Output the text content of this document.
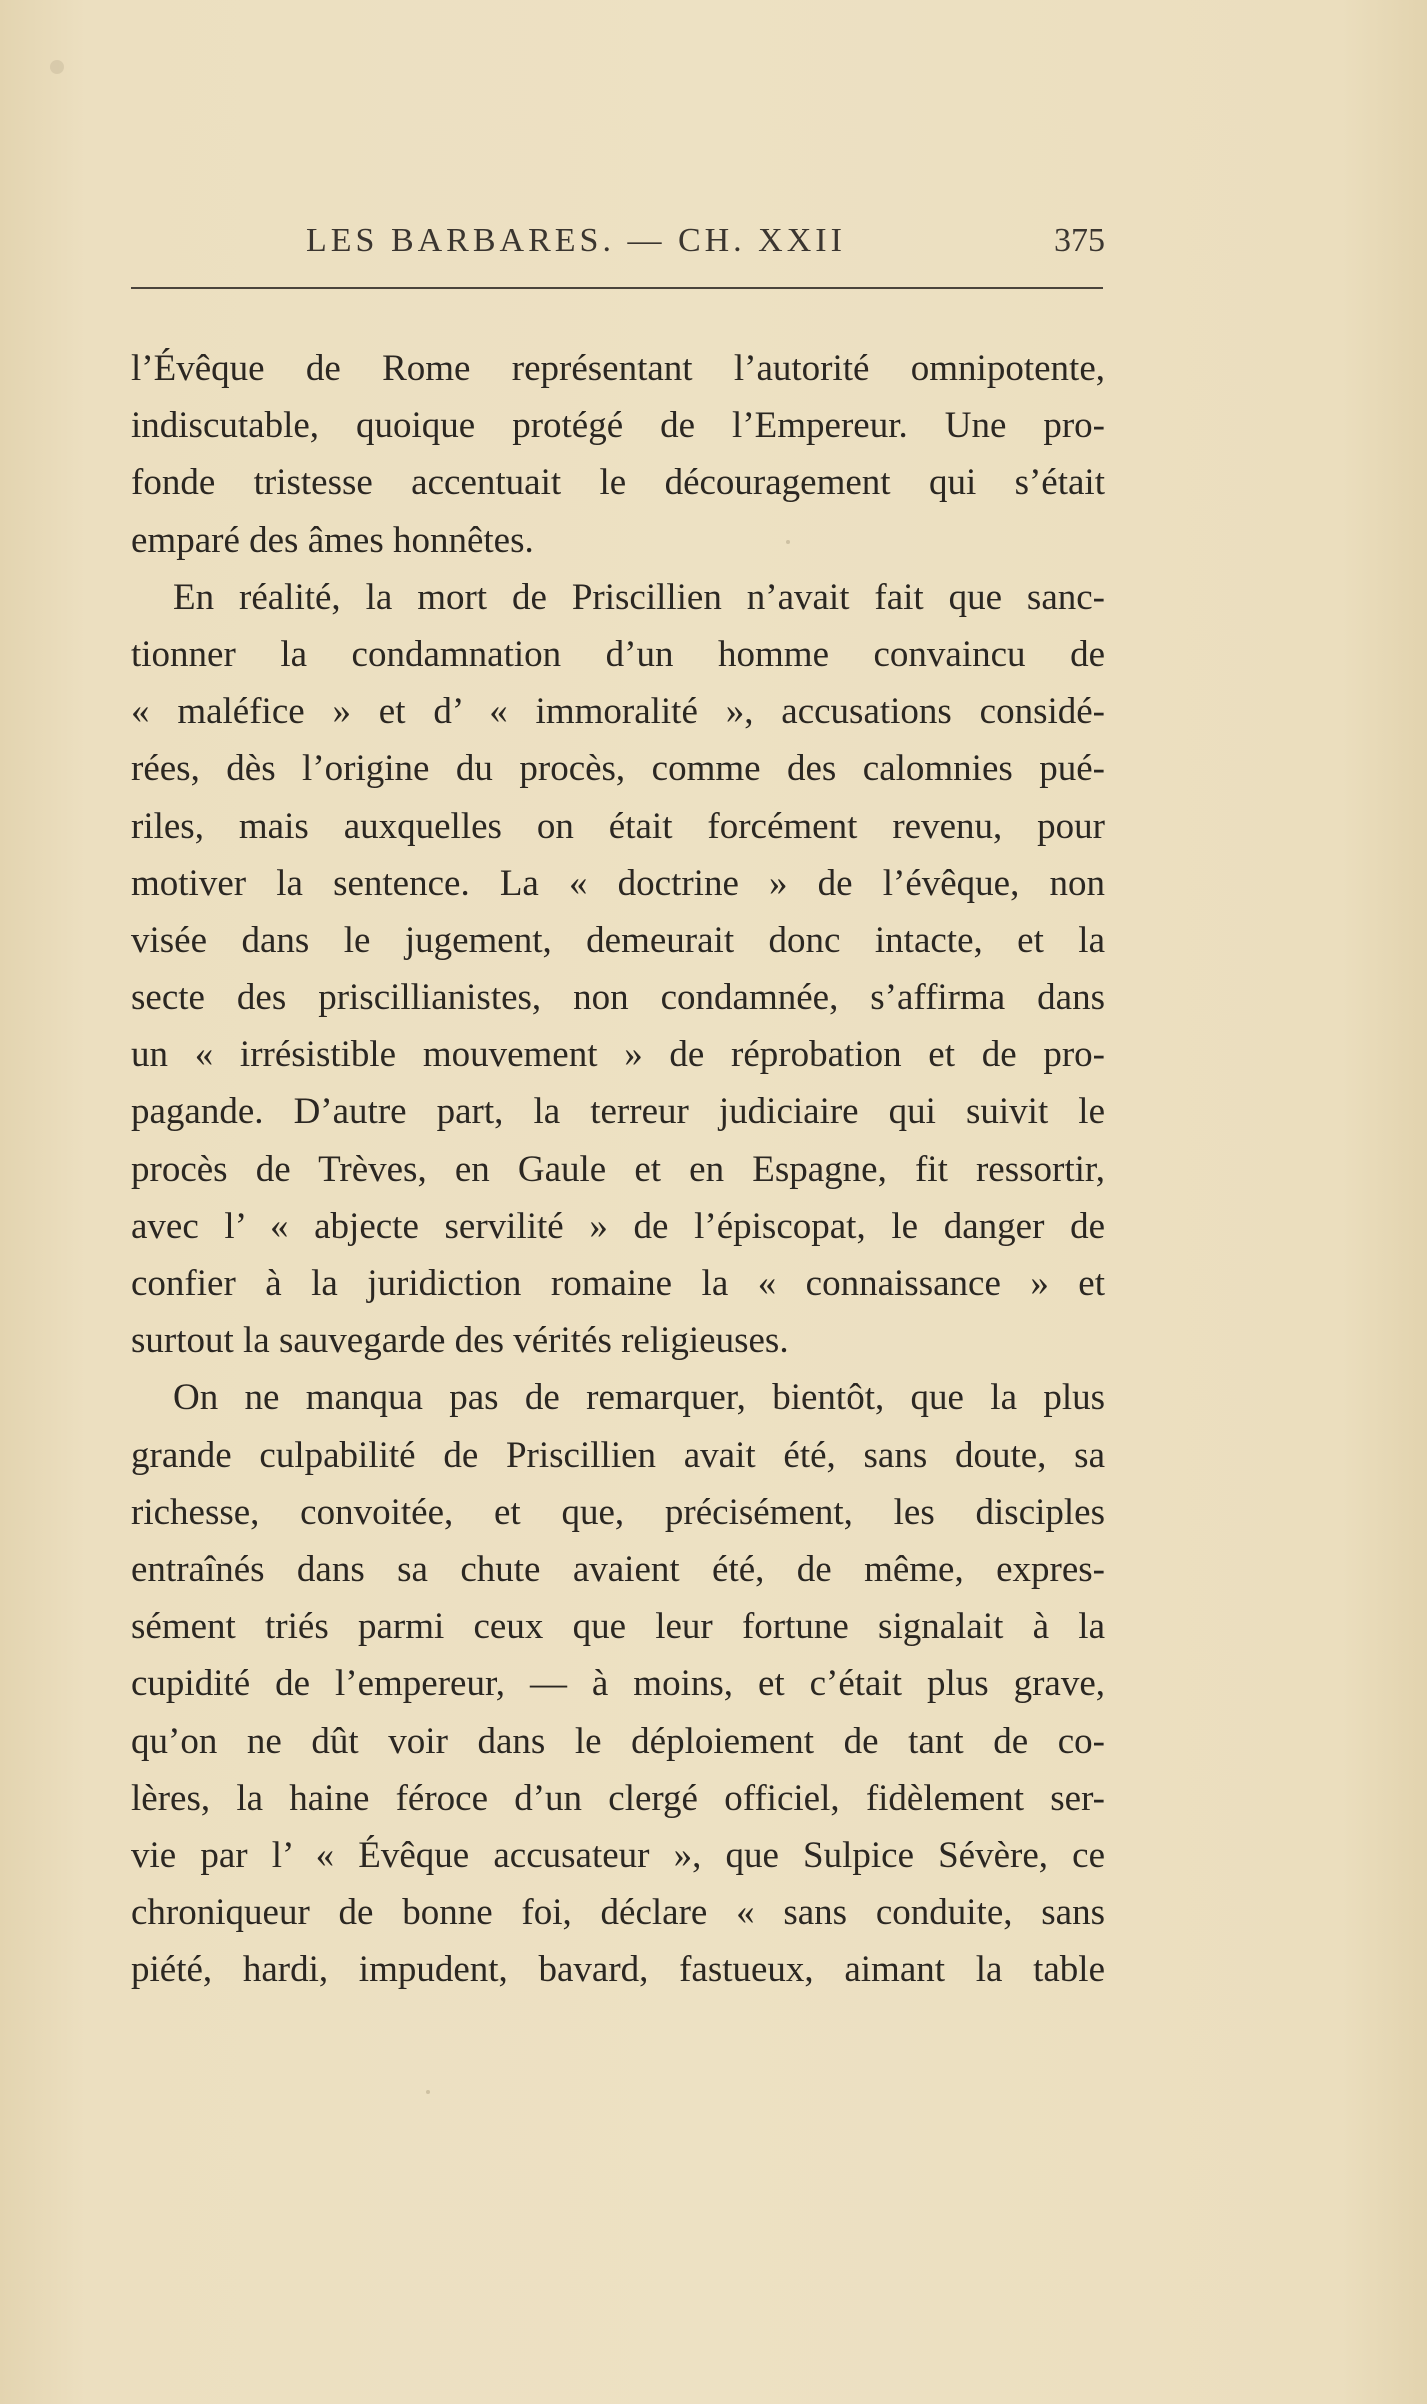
LES BARBARES. — CH. XXII	375
l’Évêque de Rome représentant l’autorité omnipotente,
indiscutable, quoique protégé de l’Empereur. Une pro-
fonde tristesse accentuait le découragement qui s’était
emparé des âmes honnêtes.
En réalité, la mort de Priscillien n’avait fait que sanc-
tionner la condamnation d’un homme convaincu de
« maléfice » et d’ « immoralité », accusations considé-
rées, dès l’origine du procès, comme des calomnies pué-
riles, mais auxquelles on était forcément revenu, pour
motiver la sentence. La « doctrine » de l’évêque, non
visée dans le jugement, demeurait donc intacte, et la
secte des priscillianistes, non condamnée, s’affirma dans
un « irrésistible mouvement » de réprobation et de pro-
pagande. D’autre part, la terreur judiciaire qui suivit le
procès de Trèves, en Gaule et en Espagne, fit ressortir,
avec l’ « abjecte servilité » de l’épiscopat, le danger de
confier à la juridiction romaine la « connaissance » et
surtout la sauvegarde des vérités religieuses.
On ne manqua pas de remarquer, bientôt, que la plus
grande culpabilité de Priscillien avait été, sans doute, sa
richesse, convoitée, et que, précisément, les disciples
entraînés dans sa chute avaient été, de même, expres-
sément triés parmi ceux que leur fortune signalait à la
cupidité de l’empereur, — à moins, et c’était plus grave,
qu’on ne dût voir dans le déploiement de tant de co-
lères, la haine féroce d’un clergé officiel, fidèlement ser-
vie par l’ « Évêque accusateur », que Sulpice Sévère, ce
chroniqueur de bonne foi, déclare « sans conduite, sans
piété, hardi, impudent, bavard, fastueux, aimant la table
